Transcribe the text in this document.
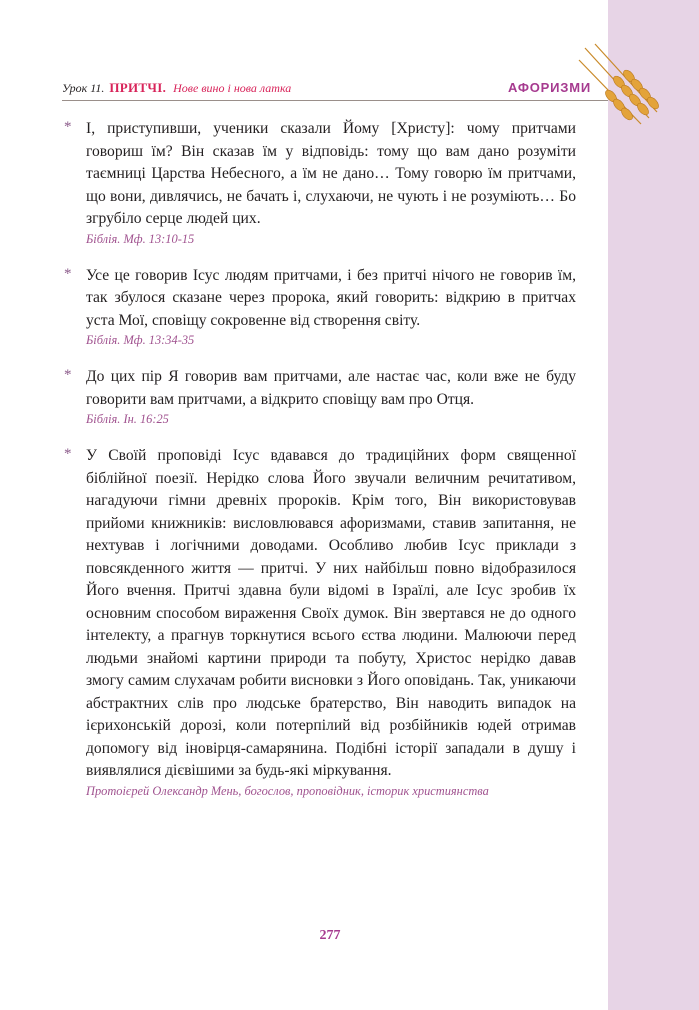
Урок 11. ПРИТЧІ. Нове вино і нова латка	АФОРИЗМИ
* І, приступивши, ученики сказали Йому [Христу]: чому притчами говориш їм? Він сказав їм у відповідь: тому що вам дано розуміти таємниці Царства Небесного, а їм не дано… Тому говорю їм притчами, що вони, дивлячись, не бачать і, слухаючи, не чують і не розуміють… Бо згрубіло серце людей цих.

Біблія. Мф. 13:10-15
* Усе це говорив Ісус людям притчами, і без притчі нічого не говорив їм, так збулося сказане через пророка, який говорить: відкрию в притчах уста Мої, сповіщу сокровенне від створення світу.

Біблія. Мф. 13:34-35
* До цих пір Я говорив вам притчами, але настає час, коли вже не буду говорити вам притчами, а відкрито сповіщу вам про Отця.

Біблія. Ін. 16:25
* У Своїй проповіді Ісус вдавався до традиційних форм священної біблійної поезії. Нерідко слова Його звучали величним речитативом, нагадуючи гімни древніх пророків. Крім того, Він використовував прийоми книжників: висловлювався афоризмами, ставив запитання, не нехтував і логічними доводами. Особливо любив Ісус приклади з повсякденного життя — притчі. У них найбільш повно відобразилося Його вчення. Притчі здавна були відомі в Ізраїлі, але Ісус зробив їх основним способом вираження Своїх думок. Він звертався не до одного інтелекту, а прагнув торкнутися всього єства людини. Малюючи перед людьми знайомі картини природи та побуту, Христос нерідко давав змогу самим слухачам робити висновки з Його оповідань. Так, уникаючи абстрактних слів про людське братерство, Він наводить випадок на ієрихонській дорозі, коли потерпілий від розбійників юдей отримав допомогу від іновірця-самарянина. Подібні історії западали в душу і виявлялися дієвішими за будь-які міркування.

Протоієрей Олександр Мень, богослов, проповідник, історик християнства
277
